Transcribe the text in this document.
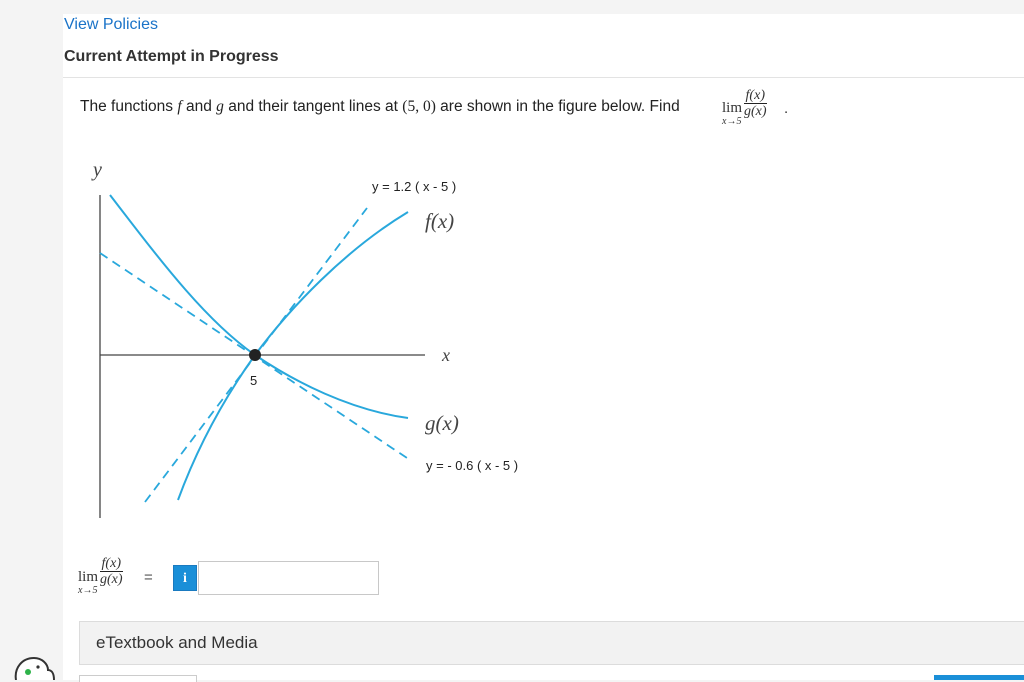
View Policies
Current Attempt in Progress
The functions f and g and their tangent lines at (5, 0) are shown in the figure below. Find	lim
x→5
$\frac{f(x)}{g(x)}$ .
y
x
5
f(x)
g(x)
y = 1.2 ( x - 5 )
y = - 0.6 ( x - 5 )
lim
x→5
$\frac{f(x)}{g(x)}$ =	i
eTextbook and Media
